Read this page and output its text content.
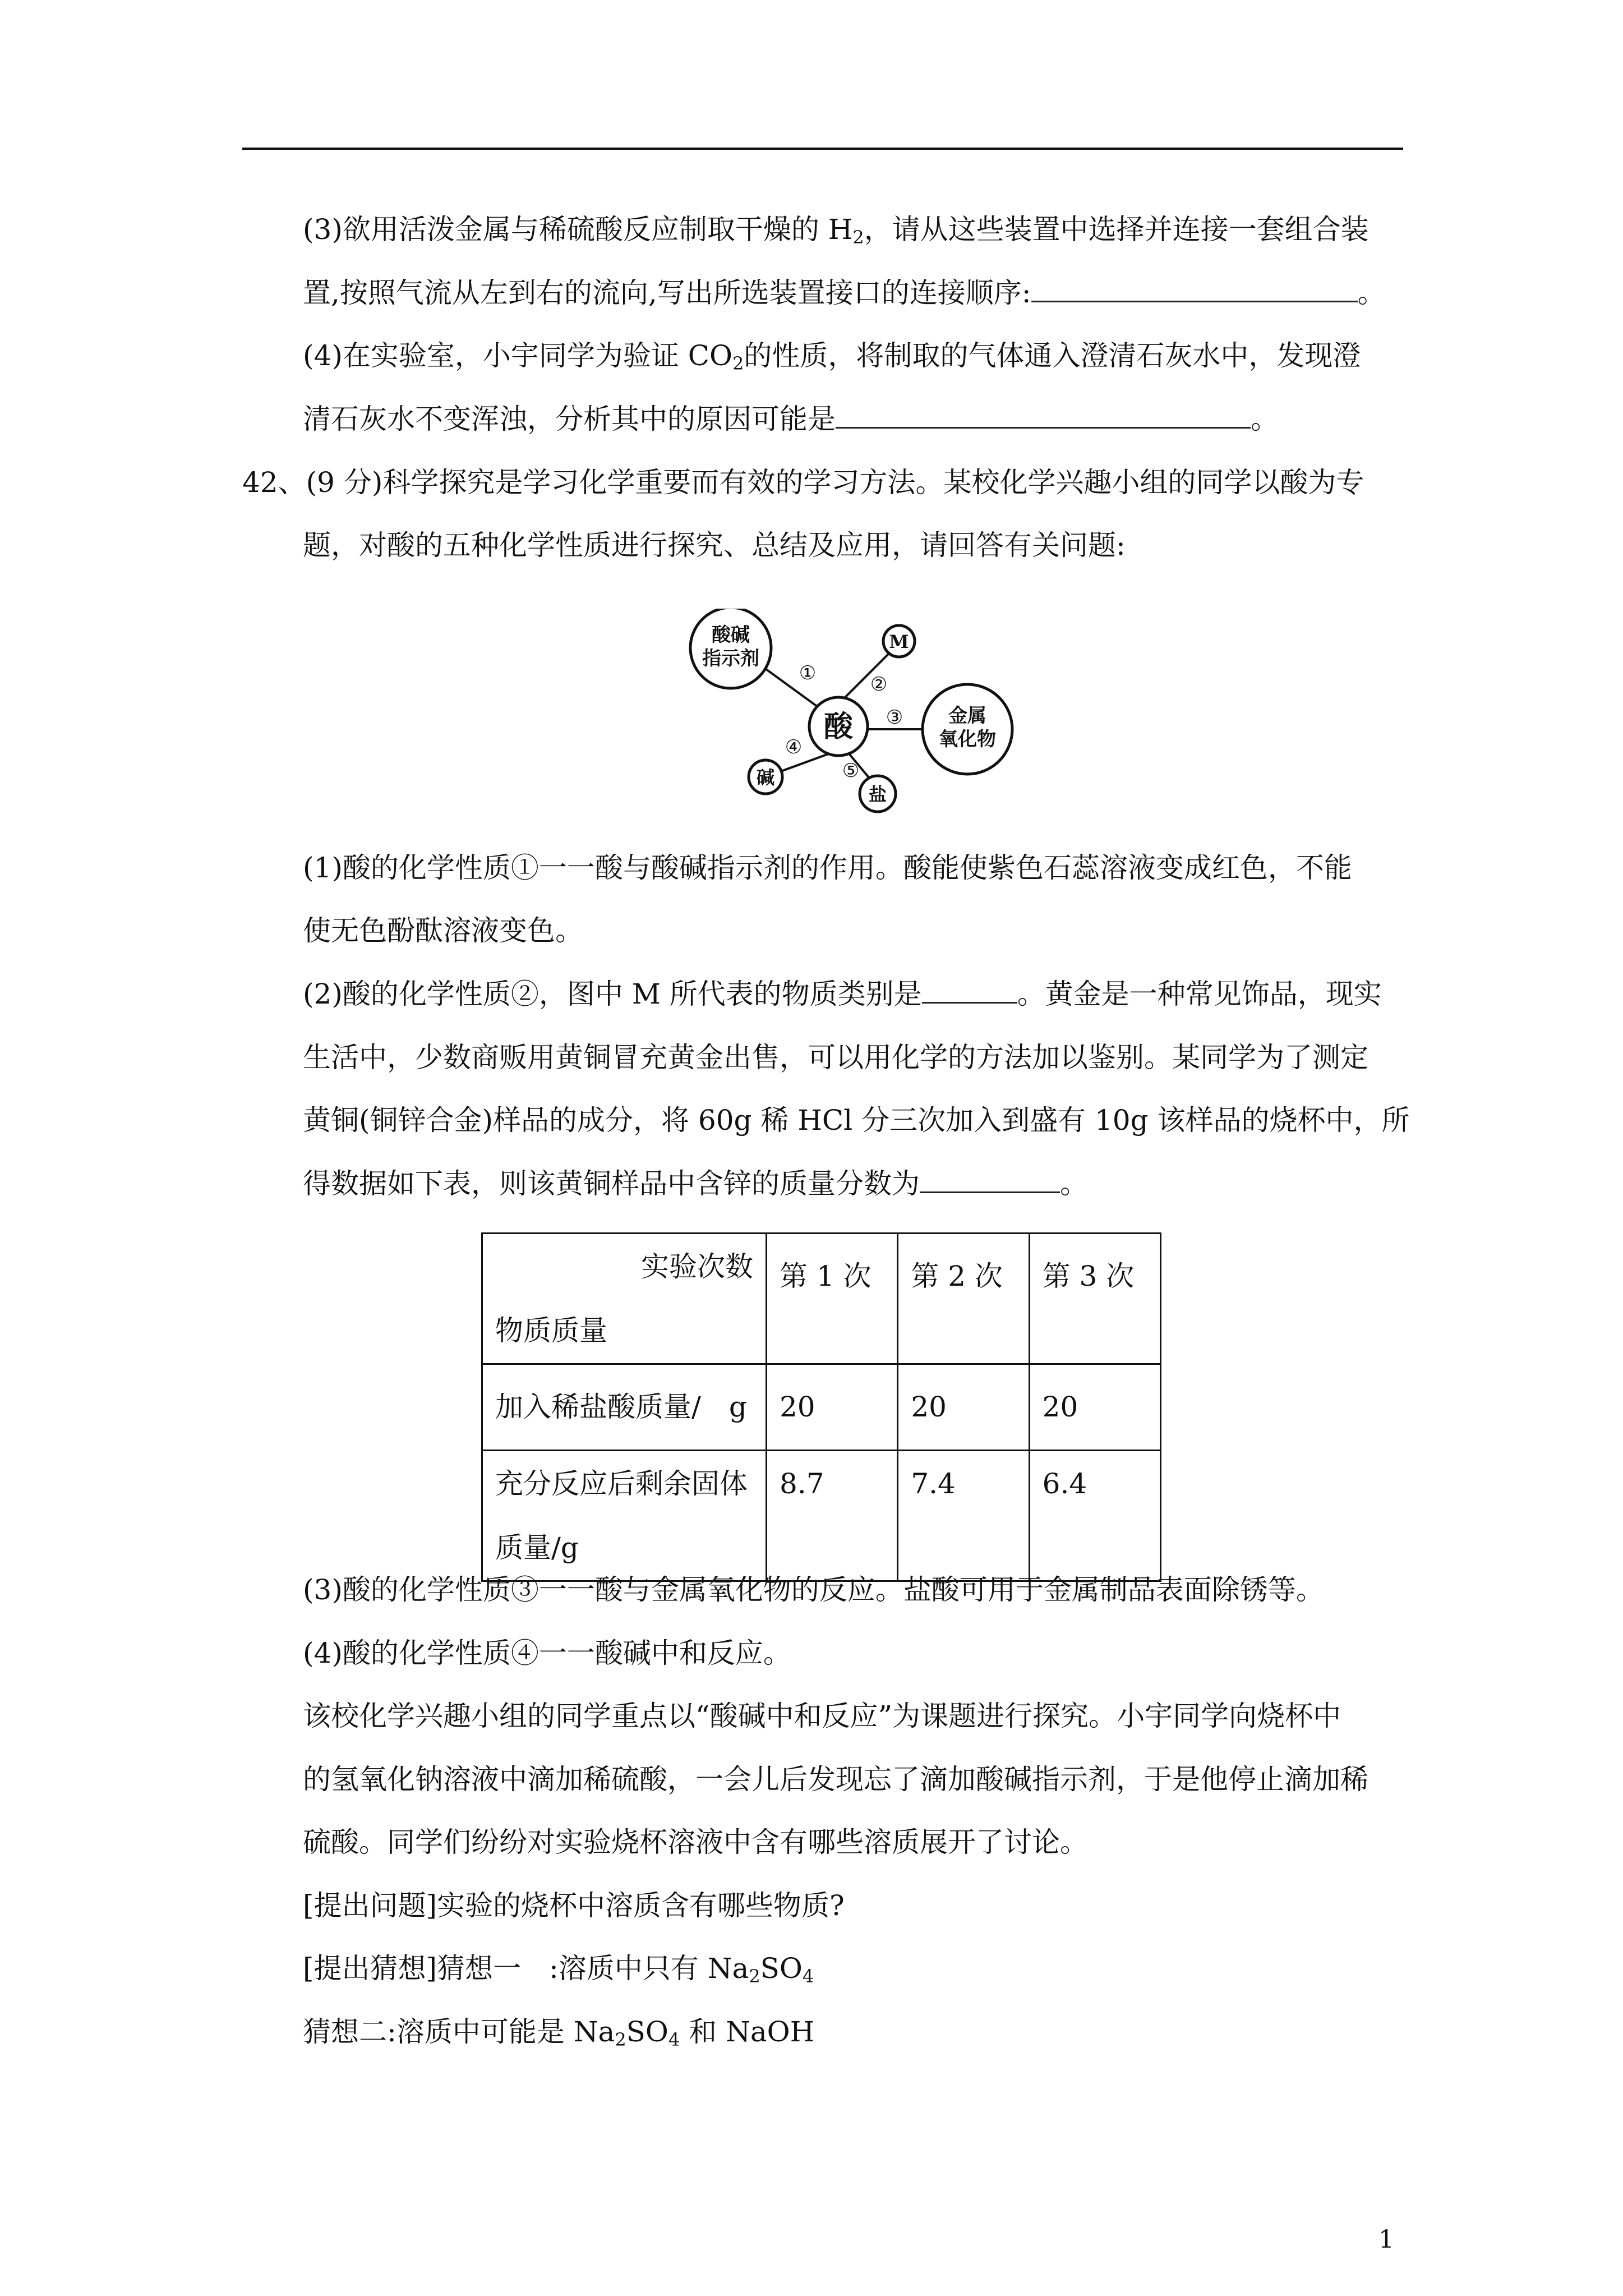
(3)欲用活泼金属与稀硫酸反应制取干燥的 $H_2$，请从这些装置中选择并连接一套组合装
置,按照气流从左到右的流向,写出所选装置接口的连接顺序:	。
(4)在实验室，小宇同学为验证 $CO_2$的性质，将制取的气体通入澄清石灰水中，发现澄
清石灰水不变浑浊，分析其中的原因可能是	。
42、(9 分)科学探究是学习化学重要而有效的学习方法。某校化学兴趣小组的同学以酸为专
题，对酸的五种化学性质进行探究、总结及应用，请回答有关问题:
酸
酸碱
指示剂
M
金属
氧化物
碱
盐
①	②
③
④
⑤
(1)酸的化学性质①一一酸与酸碱指示剂的作用。酸能使紫色石蕊溶液变成红色，不能
使无色酚酞溶液变色。
(2)酸的化学性质②，图中 M 所代表的物质类别是	。黄金是一种常见饰品，现实
生活中，少数商贩用黄铜冒充黄金出售，可以用化学的方法加以鉴别。某同学为了测定
黄铜(铜锌合金)样品的成分，将 60g 稀 HCl 分三次加入到盛有 10g 该样品的烧杯中，所
得数据如下表，则该黄铜样品中含锌的质量分数为	。
实验次数
物质质量	第 1 次	第 2 次	第 3 次
加入稀盐酸质量/　g	20	20	20

充分反应后剩余固体
质量/g	8.7	7.4	6.4
(3)酸的化学性质③一一酸与金属氧化物的反应。盐酸可用于金属制品表面除锈等。
(4)酸的化学性质④一一酸碱中和反应。
该校化学兴趣小组的同学重点以“酸碱中和反应”为课题进行探究。小宇同学向烧杯中
的氢氧化钠溶液中滴加稀硫酸，一会儿后发现忘了滴加酸碱指示剂，于是他停止滴加稀
硫酸。同学们纷纷对实验烧杯溶液中含有哪些溶质展开了讨论。
[提出问题]实验的烧杯中溶质含有哪些物质?
[提出猜想]猜想一　:溶质中只有 $Na_2SO_4$
猜想二:溶质中可能是 $Na_2SO_4$ 和 NaOH
1
